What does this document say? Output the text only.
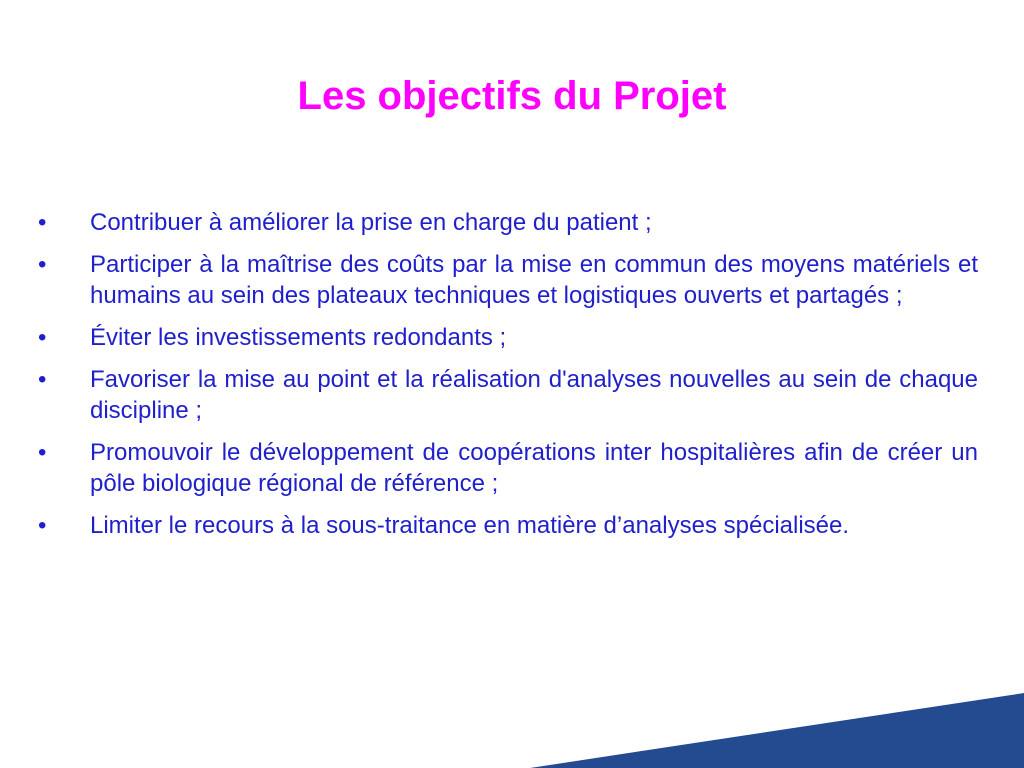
Les objectifs du Projet
•	Contribuer à améliorer la prise en charge du patient ;
•	Participer à la maîtrise des coûts par la mise en commun des moyens matériels et humains au sein des plateaux techniques et logistiques ouverts et partagés ;
•	Éviter les investissements redondants ;
•	Favoriser la mise au point et la réalisation d'analyses nouvelles au sein de chaque discipline ;
•	Promouvoir le développement de coopérations inter hospitalières afin de créer un pôle biologique régional de référence ;
•	Limiter le recours à la sous-traitance en matière d’analyses spécialisée.
